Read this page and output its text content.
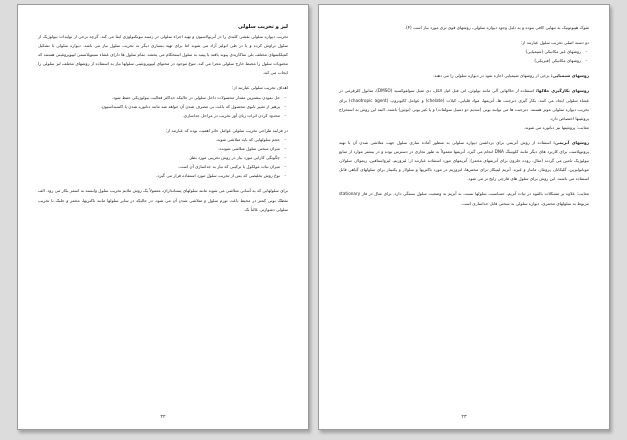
لیز و تخریب سلولی

تخریب دیواره سلولی نقشی کلیدی را در آنزیولاسیون و تهیه اجزاء سلولی در زمینه بیوتکنولوژی ایفا می کند. گرچه برخی از تولیدات بیولوژیک از سلول تراوش کرده و یا در طی انولیز آزاد می شوند اما برای تهیه بسیاری دیگر به تخریب سلول نیاز می باشد. دیواره سلولی با تشکیل کمپلکسهای مختلف بلی ساکاریدی پیوند یافته با پپتید به سلول استحکام می بخشد. تمام سلول ها دارای غشاء سیتوپلاسمی لیپوپروتئینی هستند که محتویات سلول را محیط خارج سلولی مجزا می کند. تنوع موجود در محتوای لیپوپروتئینی سلولها نیاز به استفاده از روشهای مختلف لیز سلولی را ایجاب می کند.

اهداف تخریب سلولی عبارتند از:

- حل نمودن بیشترین مقدار محصولات داخل سلولی در حالیکه حداکثر فعالیت بیولوژیکی حفظ شود.

- پرهیز از تغییر ثانوی محصول که باعث بی مصرف شدن آن خواهد شد مانند دناتوره شدن یا اکسیداسیون.

- محدود کردن اثرات زیان آور تخریب در مراحل جداسازی.

در فرایند طراحی تخریب سلولی عوامل حائز اهمیت بوده که عبارتند از:

- حجم سلولهایی که باید متلاشی شوند.

- میزان سختی سلول متلاشی شونده.

- چگونگی کارایی مورد نیاز در روش تخریبی مورد نظر.

- میزان ثبات مولکول یا ترکیبی که نیاز به جداسازی آن است.

- نوع روش تخلیصی که پس از تخریب سلول مورد استفاده قرار می گیرد.

برای سلولهایی که به آسانی متلاشی می شوند مانند سلولهای پستانداران، معمولاً یک روش ملایم تخریب سلول وابسته به اسمز بکار می رود. الف نقطک یونی کمتر در محیط باعث تورم سلول و متلاشی شدن آن می شود. در حالیکه در سایر سلولها مانند باکتریها، مخمر و جلبک با تخریب سلولی دشوارتر، غالباً یک

۲۲

شوک هیپوتونیک به تنهایی کافی نبوده و به دلیل وجود دیواره سلولی، روشهای قوی تری مورد نیاز است (۴).

دو دسته اصلی تخریب سلول عبارتند از:

- روشهای غیر مکانیکی (شیمیایی)

- روشهای مکانیکی (فیزیکی)

روشهای شیمیایی: برخی از روشهای شیمیایی اجازه نفوذ در دیواره سلولی را می دهند.

روشهای بکارگیری حلالها: استفاده از حلالهایی آلی مانند تولوئن، اتر، فنل اتیل الکل، دی متیل سولفوکسید (DMSO)، متانول کلرفرمی در غشاء سلولی ایجاد می کنند. بکار گیری دترجنت ها، آنزیمها، مواد قلیایی، کیلات (chelate) و عوامل کائوتروپ (chaotropic agent) برای تخریب دیواره سلولی موثر هستند. دترجنت ها می توانند یونی (سدیم دو دسیل سولفات) و یا غیر یونی (توئین) باشند. البته این روش به استخراج پروتئینها اختصاص دارد.

معایب: پروتئینها نیز دناتوره می شوند.

روشهای آنزیمی: استفاده از روش آنزیمی برای برداشتن دیواره سلولی به منظور آماده سازی سلول جهت متلاشی شدن آن با تهیه پروتوپلاست برای کاربرد های دیگر مانند کلونینگ DNA انجام می گیرد. آنزیمها معمولاً به طور تجاری در دسترس بوده و در بیشتر موارد از منابع بیولوژیک تامین می گردند (مثال، روده حلزون برای آنزیمهای مخمر). آنزیمهای مورد استفاده عبارتند از: لیزوزیم، لیزواستافین، زیمولاز، سلولاز، موتانولیزین، گلیکاناز، پروتئاز، مانناز و غیره. آنزیم لیتیکاز برای مخمرها، لیزوزیم در مورد باکتریها و سلولاز و پکتیناز برای سلولهای گیاهی قابل استفاده می باشند. این روش برای سلول های فارچی رایج تر می شود.

معایب: علاوه بر مشکلات بالقوه در ثبات آنزیم، حساسیت سلولها نسبت به آنزیم به وضعیت سلول بستگی دارد. برای مثال در فاز stationary مربوط به سلولهای مخمری، دیواره سلولی به سختی قابل جداسازی است.

۲۳
